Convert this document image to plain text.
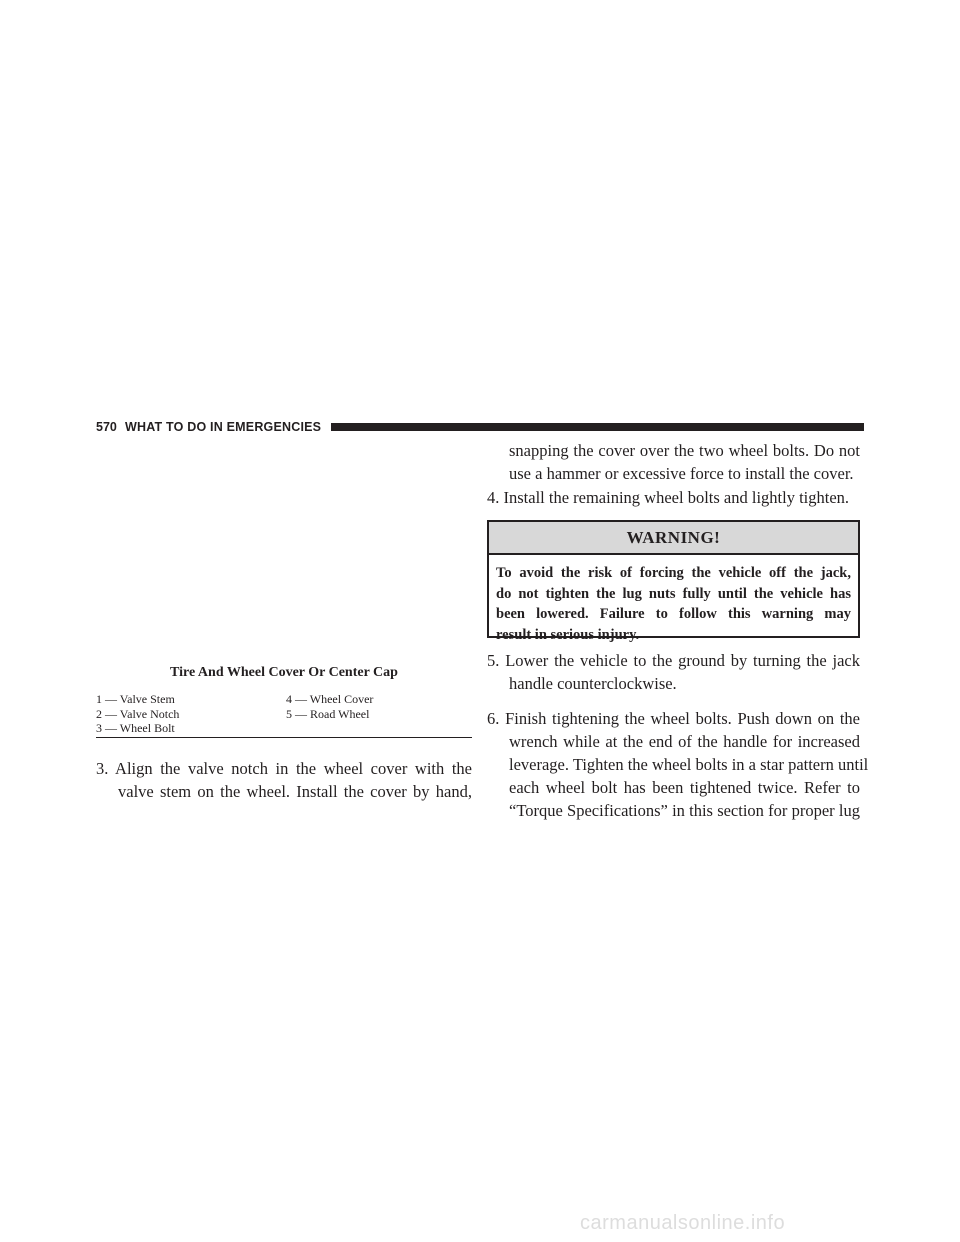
570 WHAT TO DO IN EMERGENCIES
Tire And Wheel Cover Or Center Cap
1 — Valve Stem
2 — Valve Notch
3 — Wheel Bolt
4 — Wheel Cover
5 — Road Wheel
3. Align the valve notch in the wheel cover with the
valve stem on the wheel. Install the cover by hand,
snapping the cover over the two wheel bolts. Do not
use a hammer or excessive force to install the cover.
4. Install the remaining wheel bolts and lightly tighten.
WARNING!
To avoid the risk of forcing the vehicle off the jack,
do not tighten the lug nuts fully until the vehicle has
been lowered. Failure to follow this warning may
result in serious injury.
5. Lower the vehicle to the ground by turning the jack
handle counterclockwise.
6. Finish tightening the wheel bolts. Push down on the
wrench while at the end of the handle for increased
leverage. Tighten the wheel bolts in a star pattern until
each wheel bolt has been tightened twice. Refer to
“Torque Specifications” in this section for proper lug
carmanualsonline.info
